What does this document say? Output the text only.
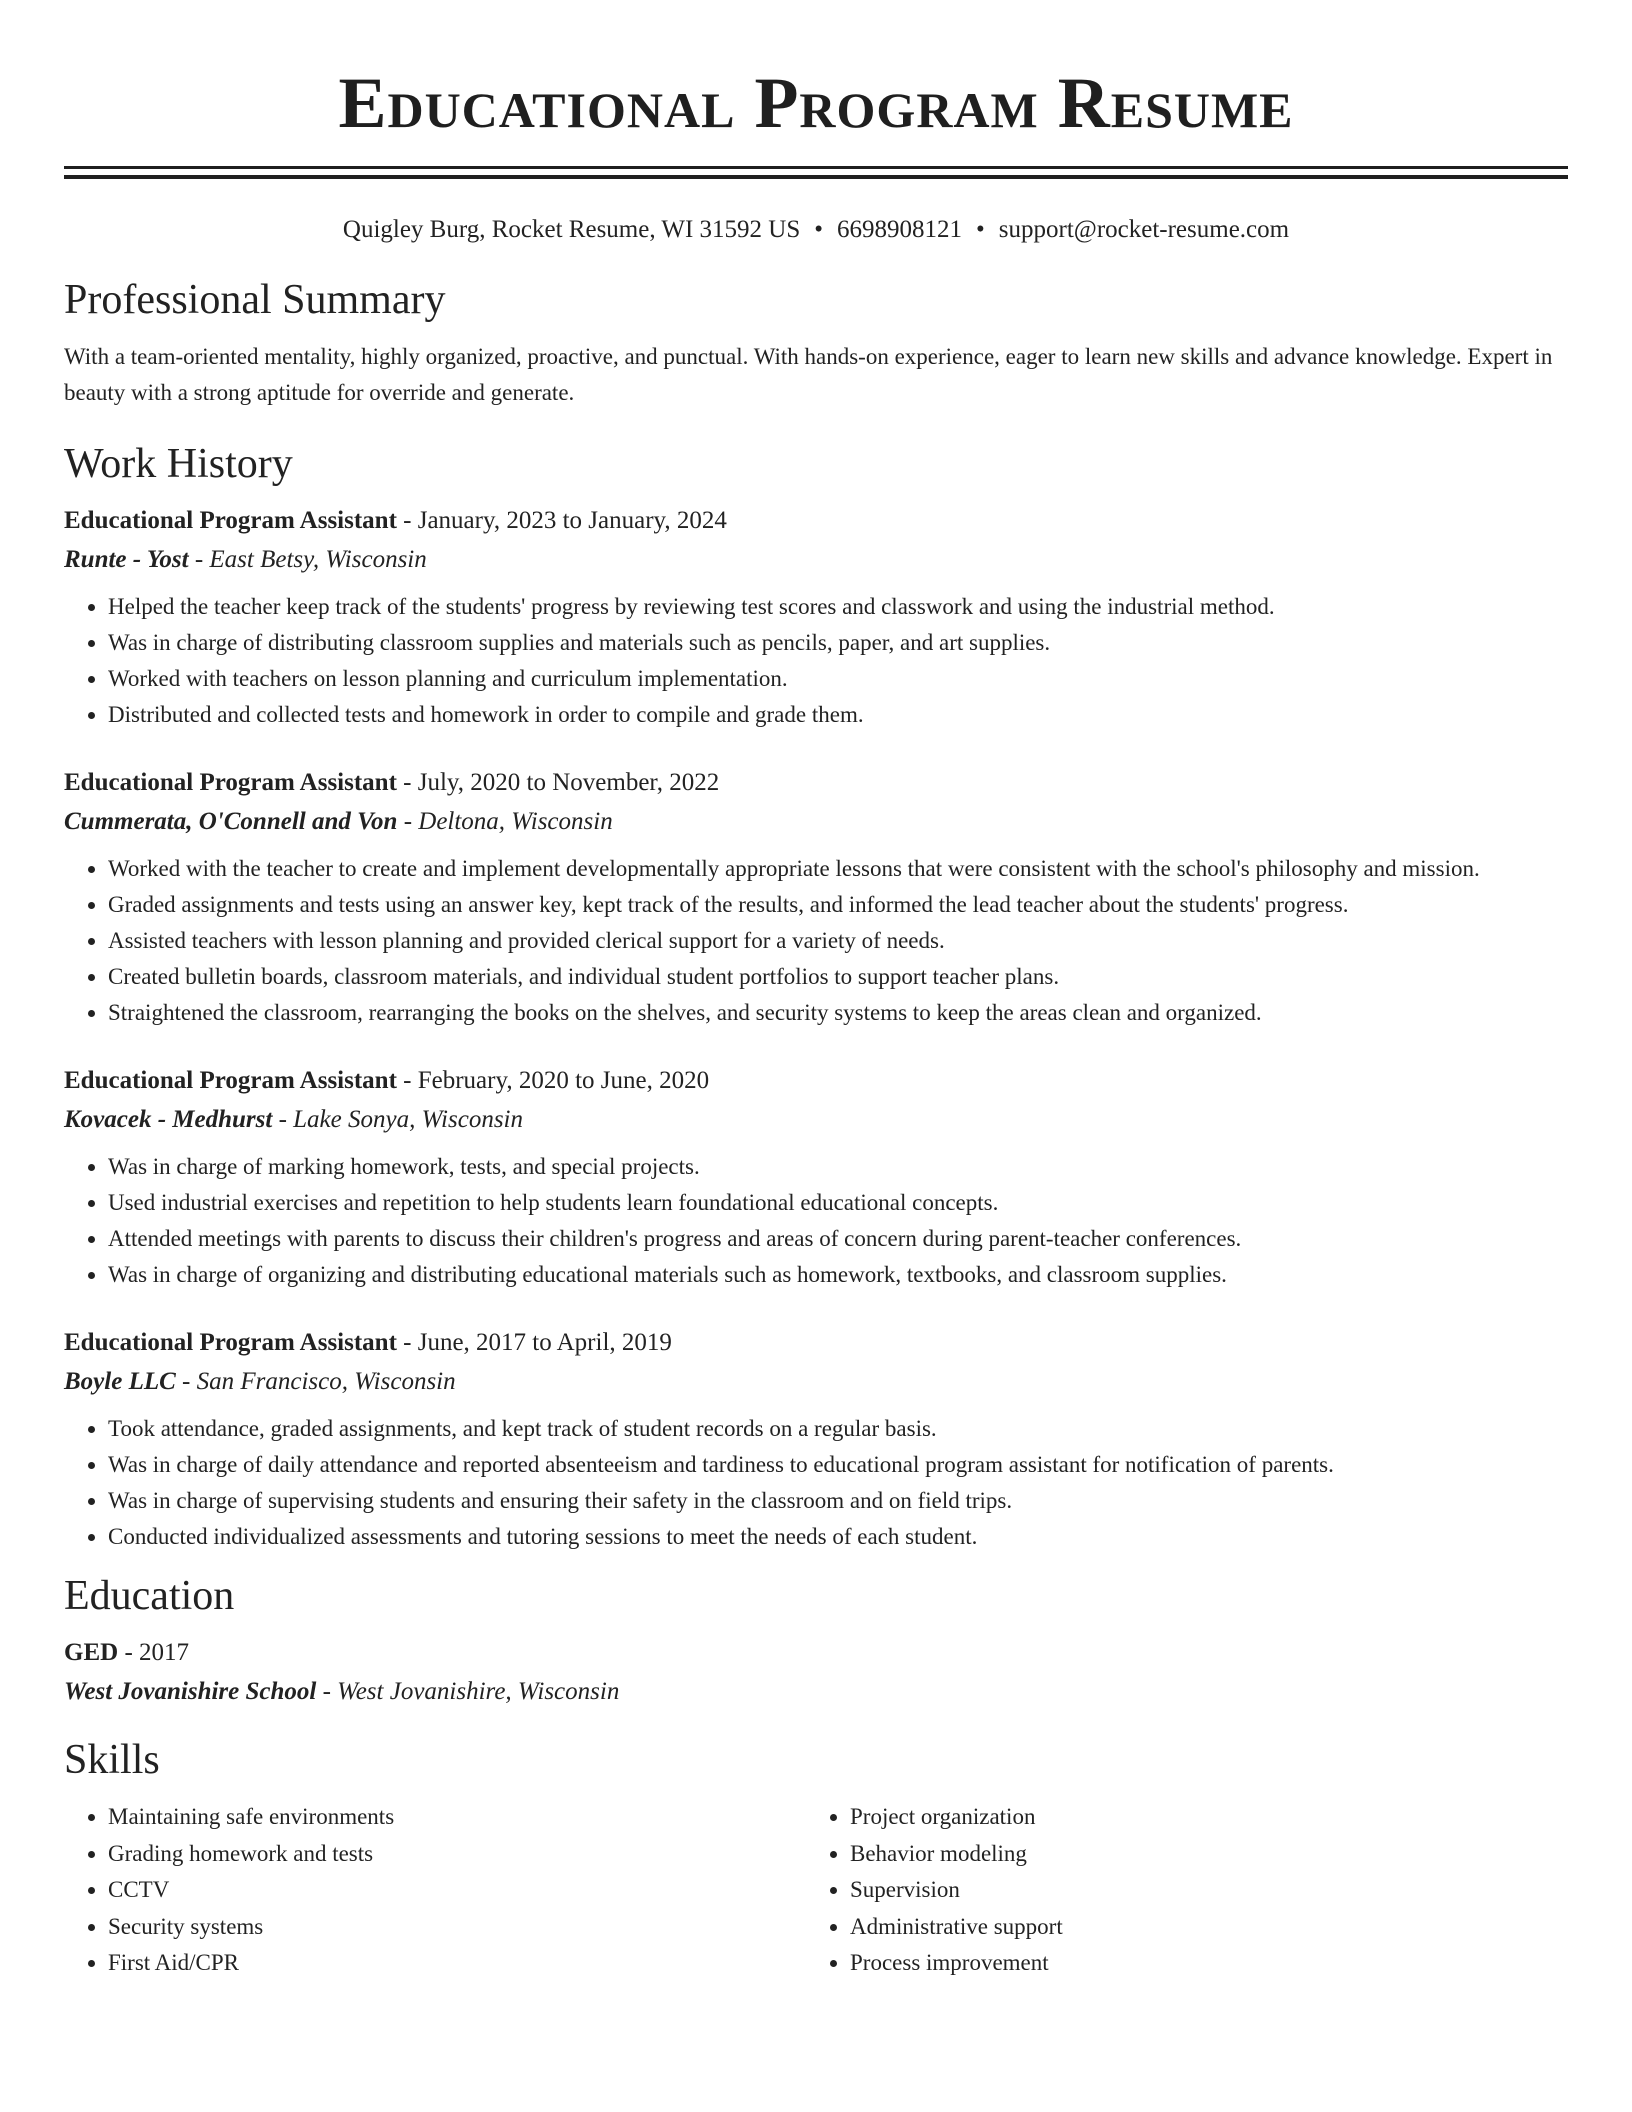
Educational Program Resume
Quigley Burg, Rocket Resume, WI 31592 US • 6698908121 • support@rocket-resume.com
Professional Summary

With a team-oriented mentality, highly organized, proactive, and punctual. With hands-on experience, eager to learn new skills and advance knowledge. Expert in beauty with a strong aptitude for override and generate.

Work History
Educational Program Assistant - January, 2023 to January, 2024
Runte - Yost - East Betsy, Wisconsin
• Helped the teacher keep track of the students' progress by reviewing test scores and classwork and using the industrial method.
• Was in charge of distributing classroom supplies and materials such as pencils, paper, and art supplies.
• Worked with teachers on lesson planning and curriculum implementation.
• Distributed and collected tests and homework in order to compile and grade them.
Educational Program Assistant - July, 2020 to November, 2022
Cummerata, O'Connell and Von - Deltona, Wisconsin
• Worked with the teacher to create and implement developmentally appropriate lessons that were consistent with the school's philosophy and mission.
• Graded assignments and tests using an answer key, kept track of the results, and informed the lead teacher about the students' progress.
• Assisted teachers with lesson planning and provided clerical support for a variety of needs.
• Created bulletin boards, classroom materials, and individual student portfolios to support teacher plans.
• Straightened the classroom, rearranging the books on the shelves, and security systems to keep the areas clean and organized.
Educational Program Assistant - February, 2020 to June, 2020
Kovacek - Medhurst - Lake Sonya, Wisconsin
• Was in charge of marking homework, tests, and special projects.
• Used industrial exercises and repetition to help students learn foundational educational concepts.
• Attended meetings with parents to discuss their children's progress and areas of concern during parent-teacher conferences.
• Was in charge of organizing and distributing educational materials such as homework, textbooks, and classroom supplies.
Educational Program Assistant - June, 2017 to April, 2019
Boyle LLC - San Francisco, Wisconsin
• Took attendance, graded assignments, and kept track of student records on a regular basis.
• Was in charge of daily attendance and reported absenteeism and tardiness to educational program assistant for notification of parents.
• Was in charge of supervising students and ensuring their safety in the classroom and on field trips.
• Conducted individualized assessments and tutoring sessions to meet the needs of each student.
Education
GED - 2017
West Jovanishire School - West Jovanishire, Wisconsin
Skills
• Maintaining safe environments
• Grading homework and tests
• CCTV
• Security systems
• First Aid/CPR
• Project organization
• Behavior modeling
• Supervision
• Administrative support
• Process improvement
